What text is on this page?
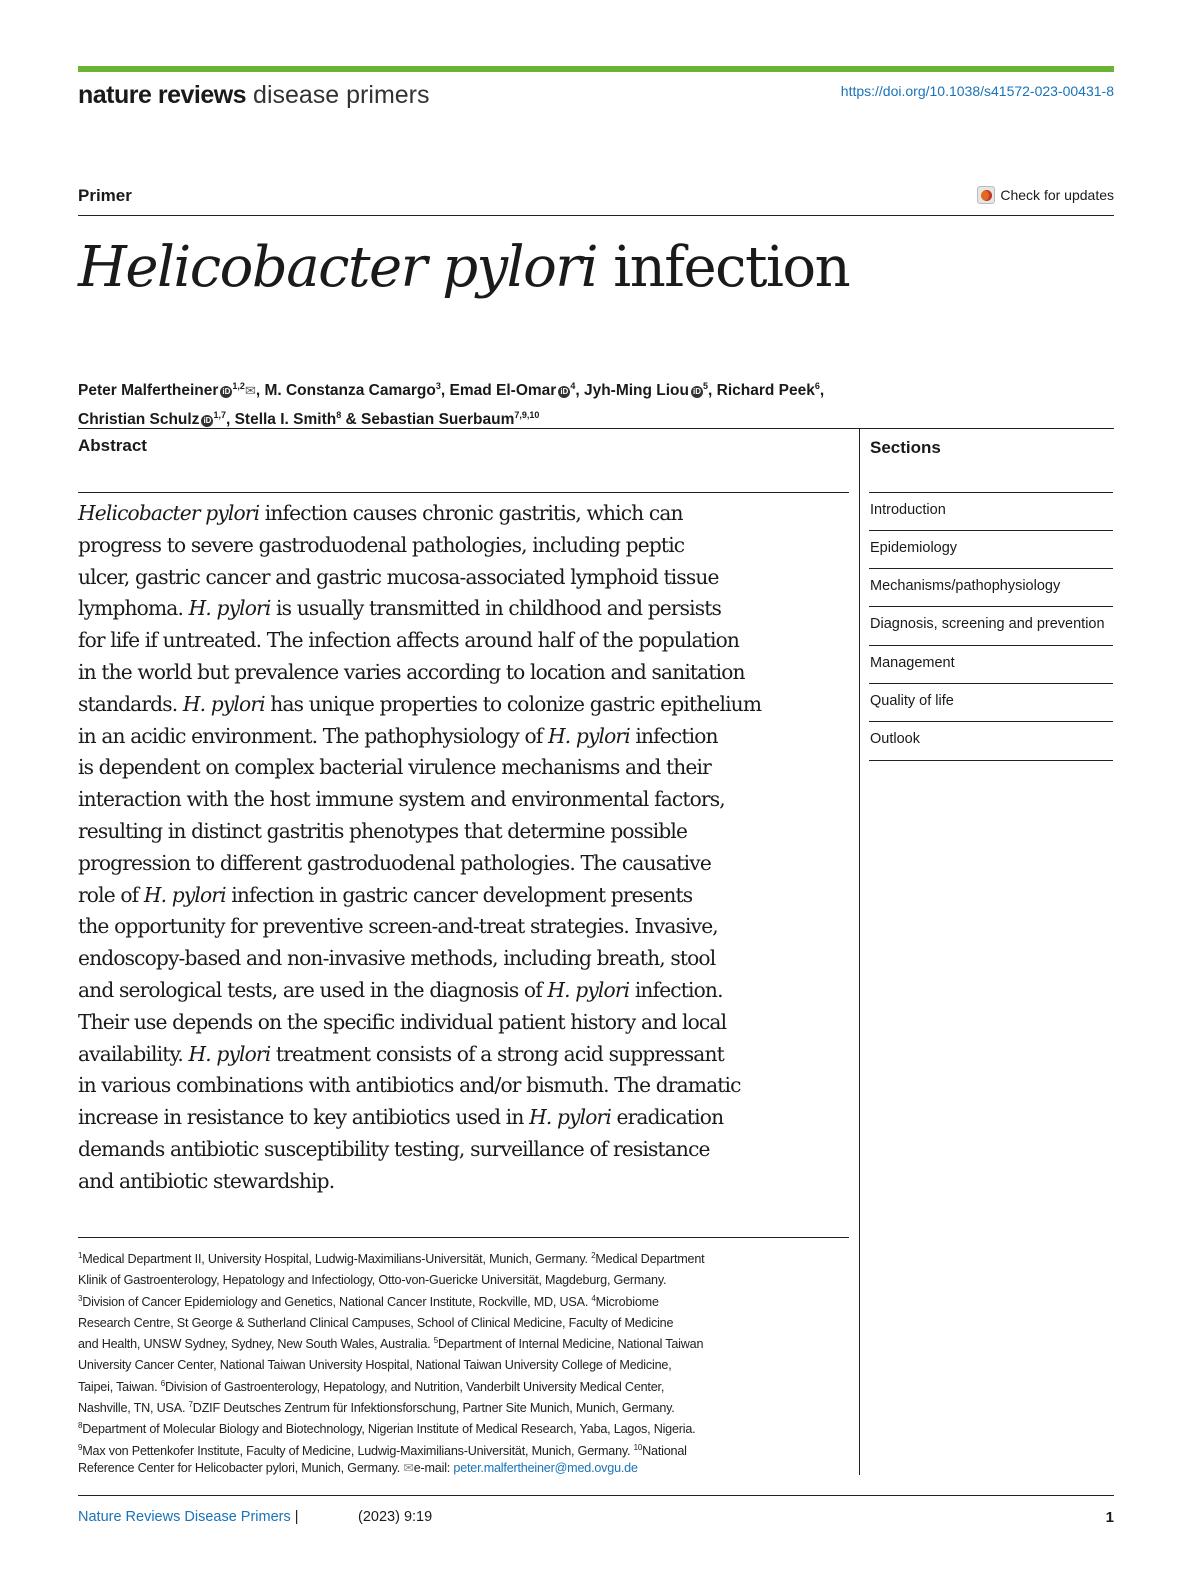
nature reviews disease primers	https://doi.org/10.1038/s41572-023-00431-8
Primer	Check for updates
Helicobacter pylori infection
Peter Malfertheiner iD$^{1,2}$✉, M. Constanza Camargo$^3$, Emad El-Omar $iD^4$, Jyh-Ming Liou $iD^5$, Richard Peek$^6$,
Christian Schulz iD$^{1,7}$, Stella I. Smith$^8$ & Sebastian Suerbaum$^{7,9,10}$
Abstract	Sections
Helicobacter pylori infection causes chronic gastritis, which can
progress to severe gastroduodenal pathologies, including peptic
ulcer, gastric cancer and gastric mucosa-associated lymphoid tissue
lymphoma. H. pylori is usually transmitted in childhood and persists
for life if untreated. The infection affects around half of the population
in the world but prevalence varies according to location and sanitation
standards. H. pylori has unique properties to colonize gastric epithelium
in an acidic environment. The pathophysiology of H. pylori infection
is dependent on complex bacterial virulence mechanisms and their
interaction with the host immune system and environmental factors,
resulting in distinct gastritis phenotypes that determine possible
progression to different gastroduodenal pathologies. The causative
role of H. pylori infection in gastric cancer development presents
the opportunity for preventive screen-and-treat strategies. Invasive,
endoscopy-based and non-invasive methods, including breath, stool
and serological tests, are used in the diagnosis of H. pylori infection.
Their use depends on the specific individual patient history and local
availability. H. pylori treatment consists of a strong acid suppressant
in various combinations with antibiotics and/or bismuth. The dramatic
increase in resistance to key antibiotics used in H. pylori eradication
demands antibiotic susceptibility testing, surveillance of resistance
and antibiotic stewardship.
Introduction
Epidemiology
Mechanisms/pathophysiology
Diagnosis, screening and prevention
Management
Quality of life
Outlook
$^1$Medical Department II, University Hospital, Ludwig-Maximilians-Universität, Munich, Germany. $^2$Medical Department
Klinik of Gastroenterology, Hepatology and Infectiology, Otto-von-Guericke Universität, Magdeburg, Germany.
$^3$Division of Cancer Epidemiology and Genetics, National Cancer Institute, Rockville, MD, USA. $^4$Microbiome
Research Centre, St George & Sutherland Clinical Campuses, School of Clinical Medicine, Faculty of Medicine
and Health, UNSW Sydney, Sydney, New South Wales, Australia. $^5$Department of Internal Medicine, National Taiwan
University Cancer Center, National Taiwan University Hospital, National Taiwan University College of Medicine,
Taipei, Taiwan. $^6$Division of Gastroenterology, Hepatology, and Nutrition, Vanderbilt University Medical Center,
Nashville, TN, USA. $^7$DZIF Deutsches Zentrum für Infektionsforschung, Partner Site Munich, Munich, Germany.
$^8$Department of Molecular Biology and Biotechnology, Nigerian Institute of Medical Research, Yaba, Lagos, Nigeria.
$^9$Max von Pettenkofer Institute, Faculty of Medicine, Ludwig-Maximilians-Universität, Munich, Germany. $^{10}$National
Reference Center for Helicobacter pylori, Munich, Germany. ✉e-mail: peter.malfertheiner@med.ovgu.de
Nature Reviews Disease Primers |	(2023) 9:19	1
